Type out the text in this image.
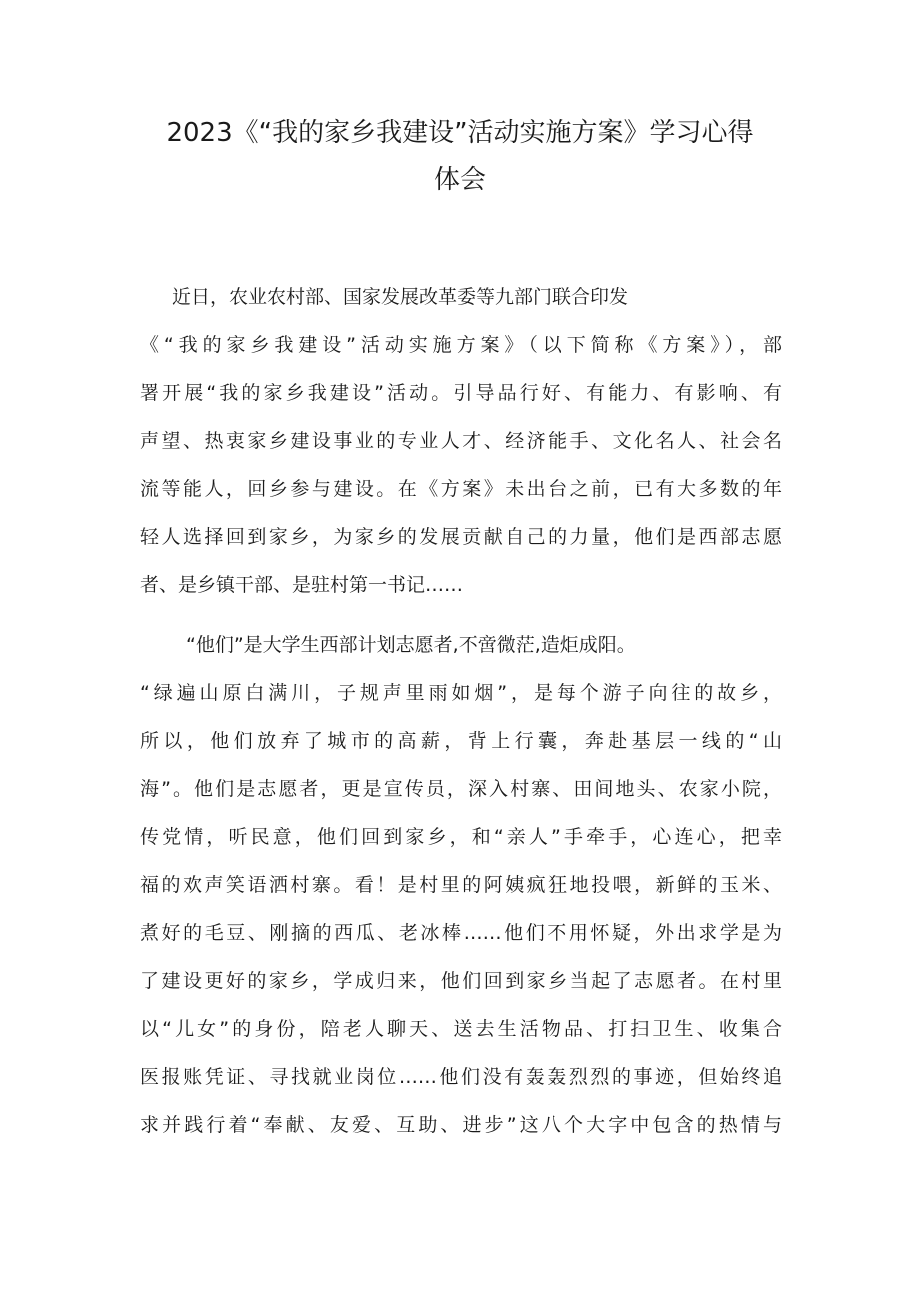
2023《“我的家乡我建设”活动实施方案》学习心得
体会
近日，农业农村部、国家发展改革委等九部门联合印发
《“我的家乡我建设”活动实施方案》（以下简称《方案》），部
署开展“我的家乡我建设”活动。引导品行好、有能力、有影响、有
声望、热衷家乡建设事业的专业人才、经济能手、文化名人、社会名
流等能人，回乡参与建设。在《方案》未出台之前，已有大多数的年
轻人选择回到家乡，为家乡的发展贡献自己的力量，他们是西部志愿
者、是乡镇干部、是驻村第一书记……
“他们”是大学生西部计划志愿者,不啻微茫,造炬成阳。
“绿遍山原白满川，子规声里雨如烟”，是每个游子向往的故乡，
所以，他们放弃了城市的高薪，背上行囊，奔赴基层一线的“山
海”。他们是志愿者，更是宣传员，深入村寨、田间地头、农家小院，
传党情，听民意，他们回到家乡，和“亲人”手牵手，心连心，把幸
福的欢声笑语洒村寨。看！是村里的阿姨疯狂地投喂，新鲜的玉米、
煮好的毛豆、刚摘的西瓜、老冰棒……他们不用怀疑，外出求学是为
了建设更好的家乡，学成归来，他们回到家乡当起了志愿者。在村里
以“儿女”的身份，陪老人聊天、送去生活物品、打扫卫生、收集合
医报账凭证、寻找就业岗位……他们没有轰轰烈烈的事迹，但始终追
求并践行着“奉献、友爱、互助、进步”这八个大字中包含的热情与
